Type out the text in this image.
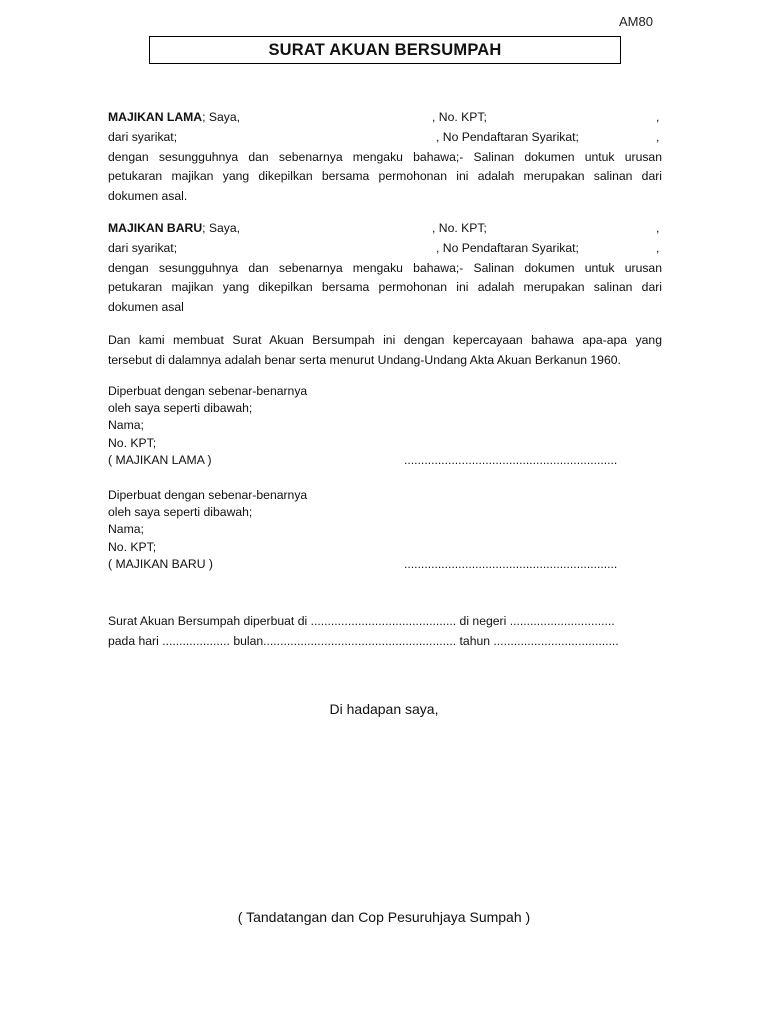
AM80
SURAT AKUAN BERSUMPAH
MAJIKAN LAMA; Saya,	, No. KPT;	,
dari syarikat;	, No Pendaftaran Syarikat;	,
dengan sesungguhnya dan sebenarnya mengaku bahawa;- Salinan dokumen untuk urusan
petukaran majikan yang dikepilkan bersama permohonan ini adalah merupakan salinan dari
dokumen asal.
MAJIKAN BARU; Saya,	, No. KPT;	,
dari syarikat;	, No Pendaftaran Syarikat;	,
dengan sesungguhnya dan sebenarnya mengaku bahawa;- Salinan dokumen untuk urusan
petukaran majikan yang dikepilkan bersama permohonan ini adalah merupakan salinan dari
dokumen asal
Dan kami membuat Surat Akuan Bersumpah ini dengan kepercayaan bahawa apa-apa yang
tersebut di dalamnya adalah benar serta menurut Undang-Undang Akta Akuan Berkanun 1960.
Diperbuat dengan sebenar-benarnya
oleh saya seperti dibawah;
Nama;
No. KPT;
( MAJIKAN LAMA )	...............................................................
Diperbuat dengan sebenar-benarnya
oleh saya seperti dibawah;
Nama;
No. KPT;
( MAJIKAN BARU )	...............................................................
Surat Akuan Bersumpah diperbuat di ........................................... di negeri ...............................
pada hari .................... bulan......................................................... tahun .....................................
Di hadapan saya,
( Tandatangan dan Cop Pesuruhjaya Sumpah )
